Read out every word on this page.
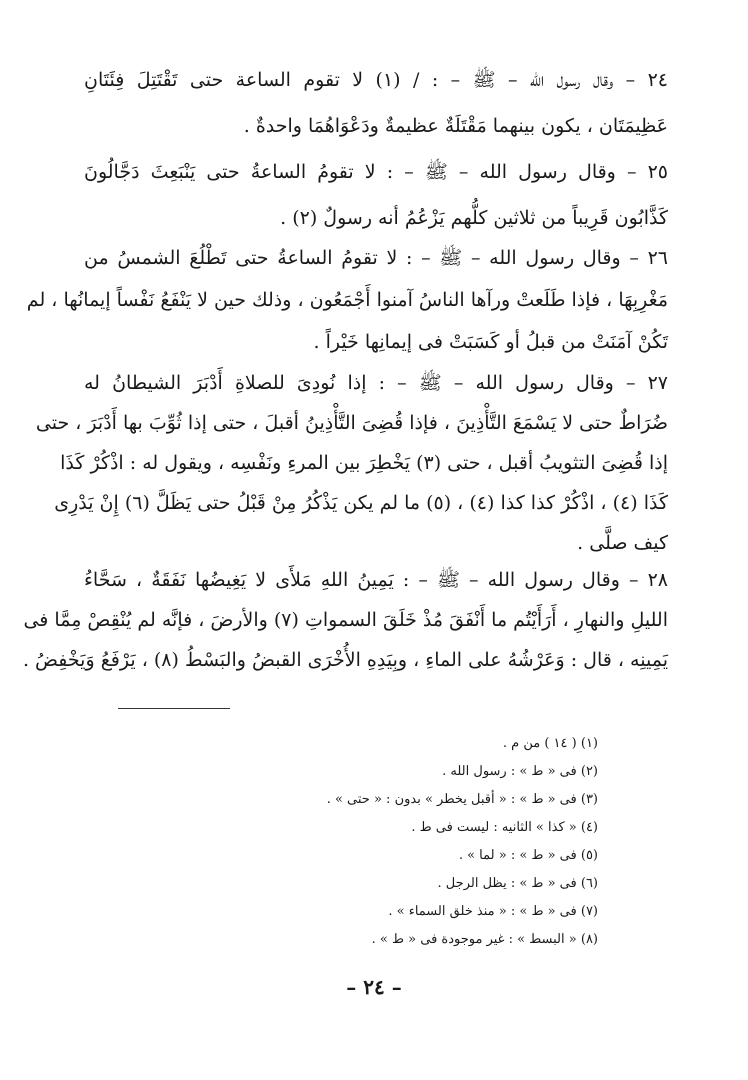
٢٤ – وقال رسول الله – ﷺ – : / (١) لا تقوم الساعة حتى تَقْتَتِلَ فِئَتَانِ
عَظِيمَتَان ، يكون بينهما مَقْتَلَةٌ عظيمةٌ ودَعْوَاهُمَا واحدةٌ .
٢٥ – وقال رسول الله – ﷺ – : لا تقومُ الساعةُ حتى يَنْبَعِثَ دَجَّالُونَ
كَذَّابُون قَرِيباً من ثلاثين كلُّهم يَزْعُمُ أنه رسولٌ (٢) .
٢٦ – وقال رسول الله – ﷺ – : لا تقومُ الساعةُ حتى تَطْلُعَ الشمسُ من
مَغْرِبِهَا ، فإذا طَلَعتْ ورآها الناسُ آمنوا أَجْمَعُون ، وذلك حين لا يَنْفَعُ نَفْساً إيمانُها ، لم
تَكُنْ آمَنَتْ من قبلُ أو كَسَبَتْ فى إيمانِها خَيْراً .
٢٧ – وقال رسول الله – ﷺ – : إذا نُودِىَ للصلاةِ أَدْبَرَ الشيطانُ له
ضُرَاطٌ حتى لا يَسْمَعَ التَّأْذِينَ ، فإذا قُضِىَ التَّأْذِينُ أقبلَ ، حتى إذا ثُوِّبَ بها أَدْبَرَ ، حتى
إذا قُضِىَ التثويبُ أقبل ، حتى (٣) يَخْطِرَ بين المرءِ ونَفْسِه ، ويقول له : اذْكُرْ كَذَا
كَذَا (٤) ، اذْكُرْ كذا كذا (٤) ، (٥) ما لم يكن يَذْكُرُ مِنْ قَبْلُ حتى يَظَلَّ (٦) إِنْ يَدْرِى
كيف صلَّى .
٢٨ – وقال رسول الله – ﷺ – : يَمِينُ اللهِ مَلأَى لا يَغِيضُها نَفَقَةٌ ، سَحَّاءُ
الليلِ والنهارِ ، أَرَأَيْتُم ما أَنْفَقَ مُذْ خَلَقَ السمواتِ (٧) والأرضَ ، فإنَّه لم يُنْقِصْ مِمَّا فى
يَمِينِه ، قال : وَعَرْشُهُ على الماءِ ، وبِيَدِهِ الأُخْرَى القبضُ والبَسْطُ (٨) ، يَرْفَعُ وَيَخْفِضُ .
(١) ( ١٤ ) من م .
(٢) فى « ط » : رسول الله .
(٣) فى « ط » : « أقبل يخطر » بدون : « حتى » .
(٤) « كذا » الثانيه : ليست فى ط .
(٥) فى « ط » : « لما » .
(٦) فى « ط » : يظل الرجل .
(٧) فى « ط » : « منذ خلق السماء » .
(٨) « البسط » : غير موجودة فى « ط » .
– ٢٤ –
